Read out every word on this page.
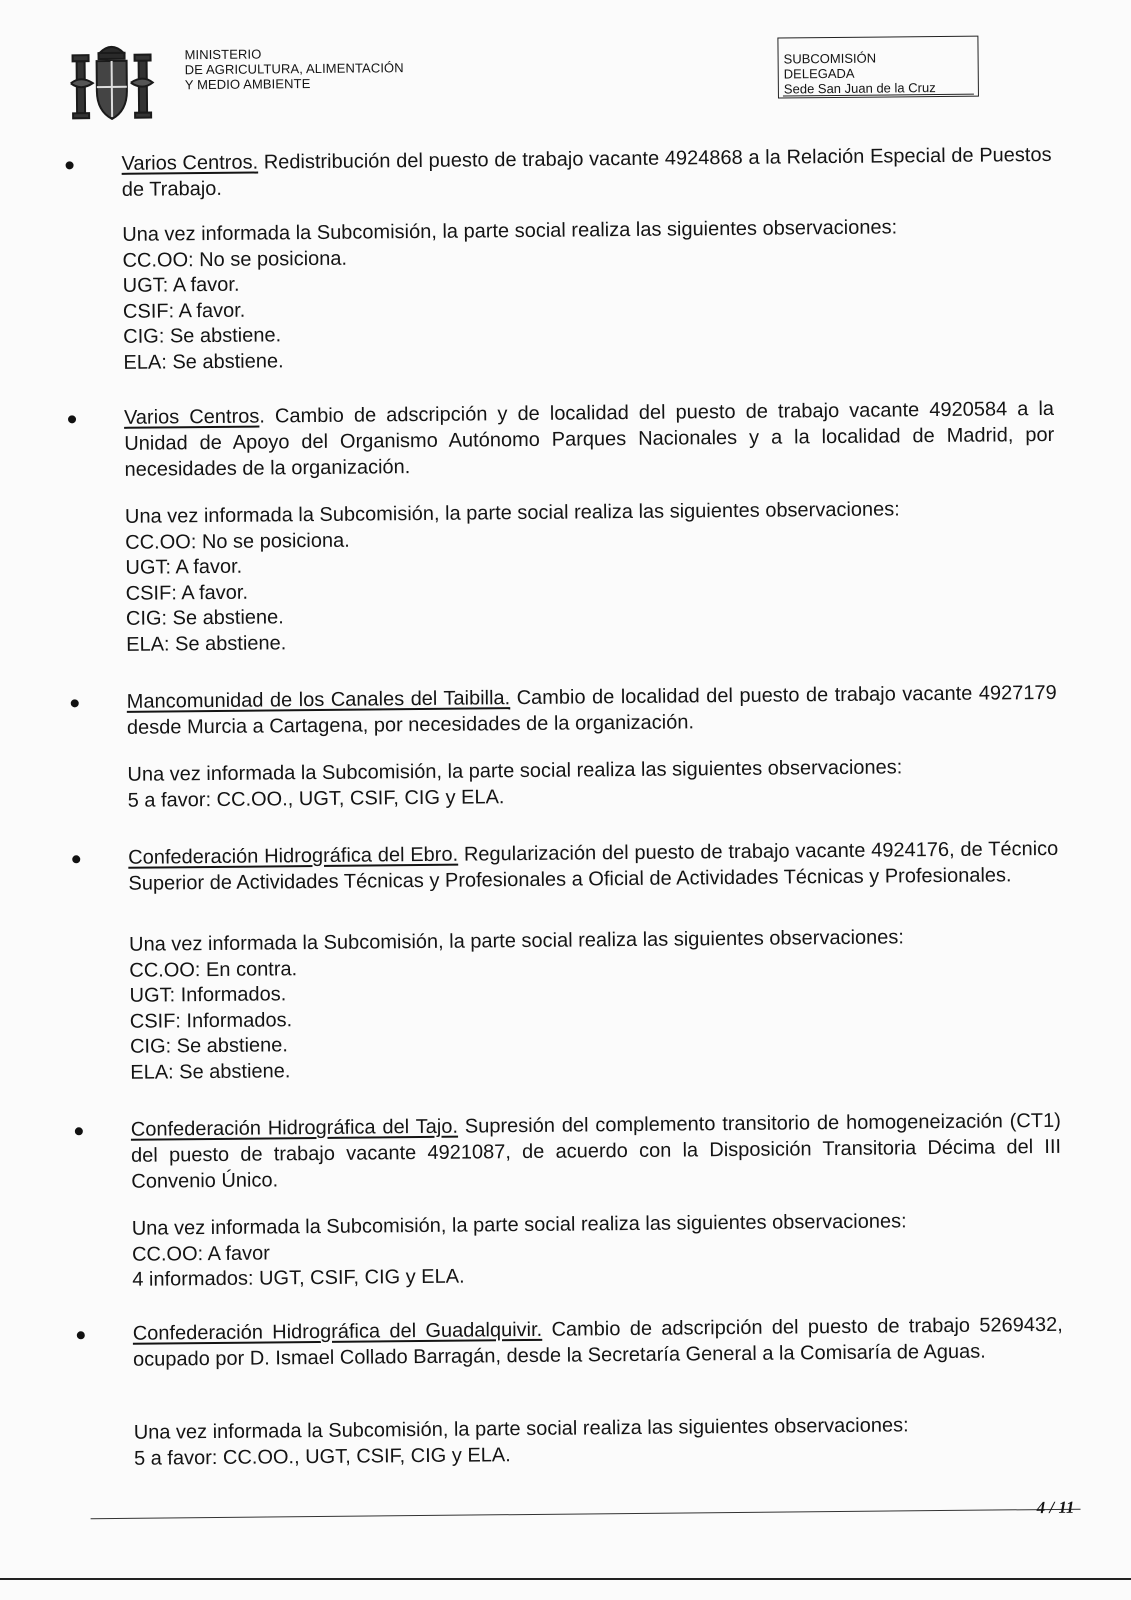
MINISTERIO
DE AGRICULTURA, ALIMENTACIÓN
Y MEDIO AMBIENTE
SUBCOMISIÓN
DELEGADA
Sede San Juan de la Cruz
Varios Centros. Redistribución del puesto de trabajo vacante 4924868 a la Relación Especial de Puestos de Trabajo.
Una vez informada la Subcomisión, la parte social realiza las siguientes observaciones:
CC.OO: No se posiciona.
UGT: A favor.
CSIF: A favor.
CIG: Se abstiene.
ELA: Se abstiene.
Varios Centros. Cambio de adscripción y de localidad del puesto de trabajo vacante 4920584 a la Unidad de Apoyo del Organismo Autónomo Parques Nacionales y a la localidad de Madrid, por necesidades de la organización.
Una vez informada la Subcomisión, la parte social realiza las siguientes observaciones:
CC.OO: No se posiciona.
UGT: A favor.
CSIF: A favor.
CIG: Se abstiene.
ELA: Se abstiene.
Mancomunidad de los Canales del Taibilla. Cambio de localidad del puesto de trabajo vacante 4927179 desde Murcia a Cartagena, por necesidades de la organización.
Una vez informada la Subcomisión, la parte social realiza las siguientes observaciones:
5 a favor: CC.OO., UGT, CSIF, CIG y ELA.
Confederación Hidrográfica del Ebro. Regularización del puesto de trabajo vacante 4924176, de Técnico Superior de Actividades Técnicas y Profesionales a Oficial de Actividades Técnicas y Profesionales.
Una vez informada la Subcomisión, la parte social realiza las siguientes observaciones:
CC.OO: En contra.
UGT: Informados.
CSIF: Informados.
CIG: Se abstiene.
ELA: Se abstiene.
Confederación Hidrográfica del Tajo. Supresión del complemento transitorio de homogeneización (CT1) del puesto de trabajo vacante 4921087, de acuerdo con la Disposición Transitoria Décima del III Convenio Único.
Una vez informada la Subcomisión, la parte social realiza las siguientes observaciones:
CC.OO: A favor
4 informados: UGT, CSIF, CIG y ELA.
Confederación Hidrográfica del Guadalquivir. Cambio de adscripción del puesto de trabajo 5269432, ocupado por D. Ismael Collado Barragán, desde la Secretaría General a la Comisaría de Aguas.
Una vez informada la Subcomisión, la parte social realiza las siguientes observaciones:
5 a favor: CC.OO., UGT, CSIF, CIG y ELA.
4 / 11
